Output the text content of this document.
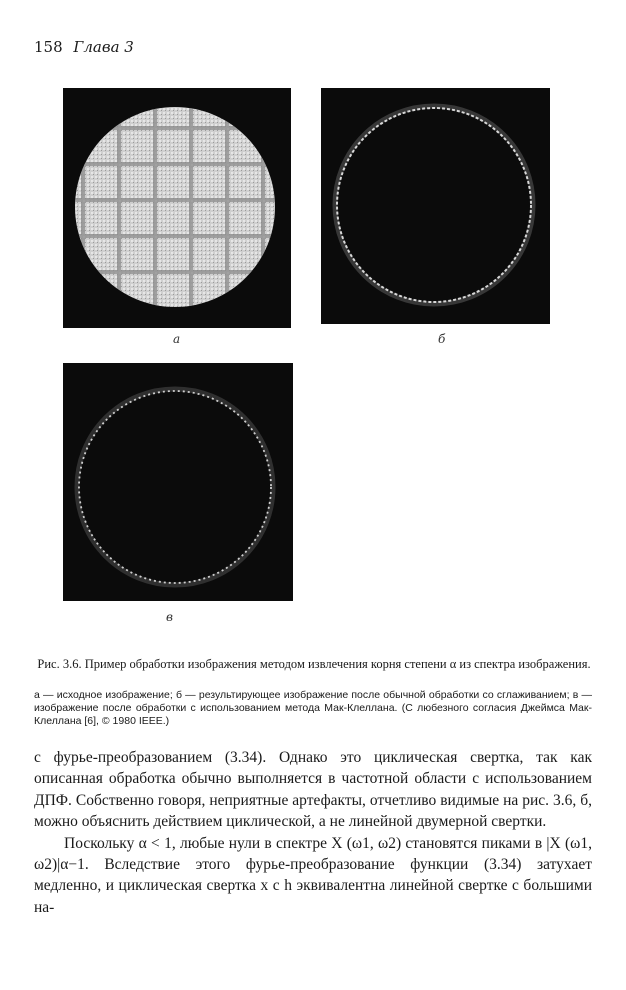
158 Глава 3
а	б
в
Рис. 3.6. Пример обработки изображения методом извлечения корня степени α из спектра изображения.
а — исходное изображение; б — результирующее изображение после обычной обработки со сглаживанием; в — изображение после обработки с использованием метода Мак-Клеллана. (С любезного согласия Джеймса Мак-Клеллана [6], © 1980 IEEE.)

с фурье-преобразованием (3.34). Однако это циклическая свертка, так как описанная обработка обычно выполняется в частотной области с использованием ДПФ. Собственно говоря, неприятные артефакты, отчетливо видимые на рис. 3.6, б, можно объяснить действием циклической, а не линейной двумерной свертки.

Поскольку α < 1, любые нули в спектре X (ω1, ω2) становятся пиками в |X (ω1, ω2)|α−1. Вследствие этого фурье-преобразование функции (3.34) затухает медленно, и циклическая свертка x с h эквивалентна линейной свертке с большими на-
